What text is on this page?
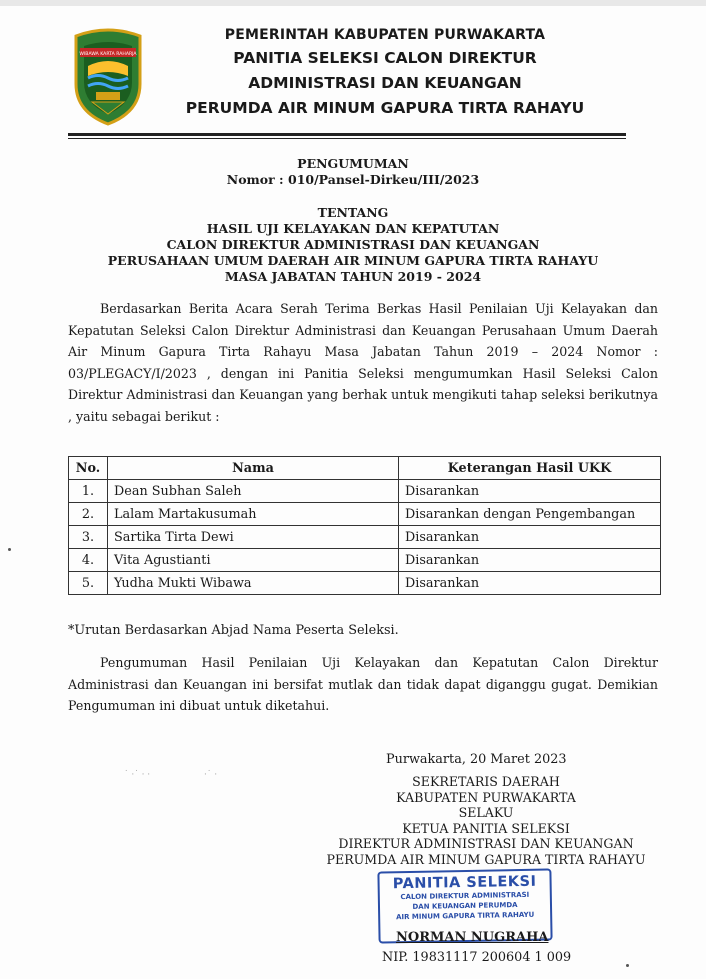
WIBAWA KARTA RAHARJA
PEMERINTAH KABUPATEN PURWAKARTA
PANITIA SELEKSI CALON DIREKTUR
ADMINISTRASI DAN KEUANGAN
PERUMDA AIR MINUM GAPURA TIRTA RAHAYU
PENGUMUMAN
Nomor : 010/Pansel-Dirkeu/III/2023
TENTANG
HASIL UJI KELAYAKAN DAN KEPATUTAN
CALON DIREKTUR ADMINISTRASI DAN KEUANGAN
PERUSAHAAN UMUM DAERAH AIR MINUM GAPURA TIRTA RAHAYU
MASA JABATAN TAHUN 2019 - 2024
Berdasarkan Berita Acara Serah Terima Berkas Hasil Penilaian Uji Kelayakan dan Kepatutan Seleksi Calon Direktur Administrasi dan Keuangan Perusahaan Umum Daerah Air Minum Gapura Tirta Rahayu Masa Jabatan Tahun 2019 – 2024 Nomor : 03/PLEGACY/I/2023 , dengan ini Panitia Seleksi mengumumkan Hasil Seleksi Calon Direktur Administrasi dan Keuangan yang berhak untuk mengikuti tahap seleksi berikutnya , yaitu sebagai berikut :
No.	Nama	Keterangan Hasil UKK
1.	Dean Subhan Saleh	Disarankan
2.	Lalam Martakusumah	Disarankan dengan Pengembangan
3.	Sartika Tirta Dewi	Disarankan
4.	Vita Agustianti	Disarankan
5.	Yudha Mukti Wibawa	Disarankan
*Urutan Berdasarkan Abjad Nama Peserta Seleksi.
Pengumuman Hasil Penilaian Uji Kelayakan dan Kepatutan Calon Direktur Administrasi dan Keuangan ini bersifat mutlak dan tidak dapat diganggu gugat. Demikian Pengumuman ini dibuat untuk diketahui.
˙ ·˙ · ·	·˙ ·
Purwakarta, 20 Maret 2023
SEKRETARIS DAERAH
KABUPATEN PURWAKARTA
SELAKU
KETUA PANITIA SELEKSI
DIREKTUR ADMINISTRASI DAN KEUANGAN
PERUMDA AIR MINUM GAPURA TIRTA RAHAYU
PANITIA SELEKSI
CALON DIREKTUR ADMINISTRASI
DAN KEUANGAN PERUMDA
AIR MINUM GAPURA TIRTA RAHAYU
NORMAN NUGRAHA
NIP. 19831117 200604 1 009
